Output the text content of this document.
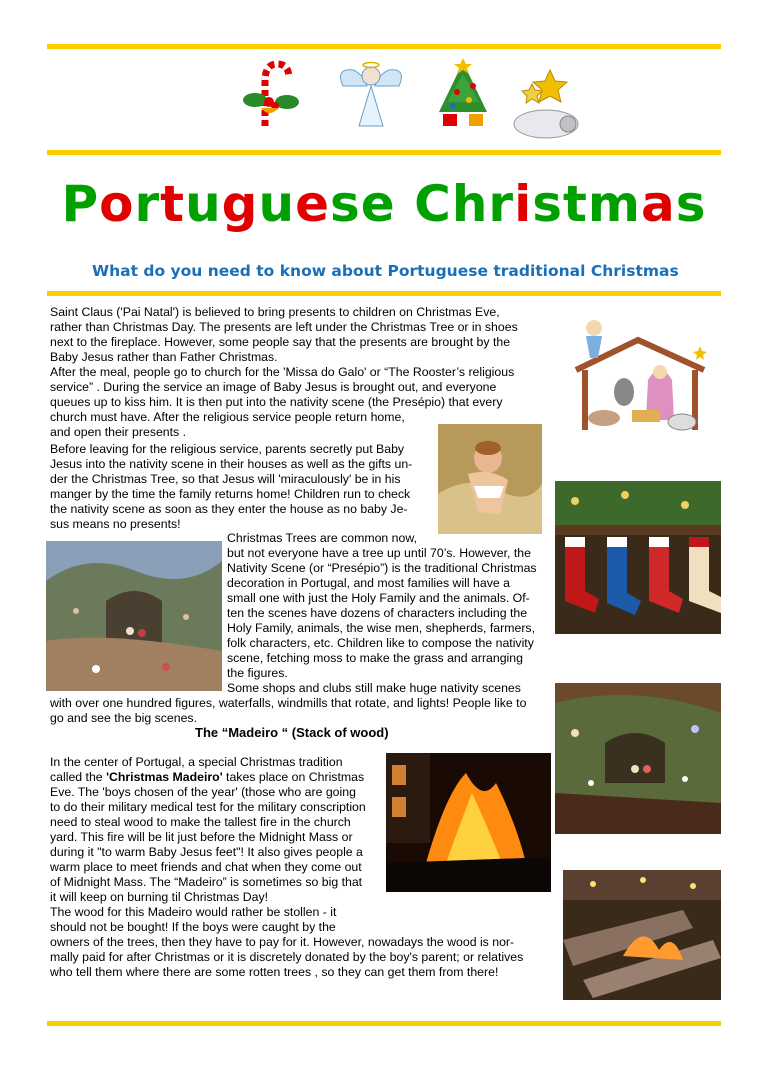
Portuguese Christmas
What do you need to know about Portuguese traditional Christmas
Saint Claus ('Pai Natal') is believed to bring presents to children on Christmas Eve,
rather than Christmas Day. The presents are left under the Christmas Tree or in shoes
next to the fireplace. However, some people say that the presents are brought by the
Baby Jesus rather than Father Christmas.
After the meal, people go to church for the 'Missa do Galo' or “The Rooster’s religious
service” . During the service an image of Baby Jesus is brought out, and everyone
queues up to kiss him. It is then put into the nativity scene (the Presépio) that every
church must have. After the religious service people return home,
and open their presents .
Before leaving for the religious service, parents secretly put Baby
Jesus into the nativity scene in their houses as well as the gifts un-
der the Christmas Tree, so that Jesus will 'miraculously' be in his
manger by the time the family returns home! Children run to check
the nativity scene as soon as they enter the house as no baby Je-
sus means no presents!
Christmas Trees are common now,
but not everyone have a tree up until 70’s. However, the
Nativity Scene (or “Presépio”) is the traditional Christmas
decoration in Portugal, and most families will have a
small one with just the Holy Family and the animals. Of-
ten the scenes have dozens of characters including the
Holy Family, animals, the wise men, shepherds, farmers,
folk characters, etc. Children like to compose the nativity
scene, fetching moss to make the grass and arranging
the figures.
Some shops and clubs still make huge nativity scenes
with over one hundred figures, waterfalls, windmills that rotate, and lights! People like to
go and see the big scenes.
The “Madeiro “ (Stack of wood)
In the center of Portugal, a special Christmas tradition
called the 'Christmas Madeiro' takes place on Christmas
Eve. The 'boys chosen of the year' (those who are going
to do their military medical test for the military conscription
need to steal wood to make the tallest fire in the church
yard. This fire will be lit just before the Midnight Mass or
during it "to warm Baby Jesus feet"! It also gives people a
warm place to meet friends and chat when they come out
of Midnight Mass. The “Madeiro” is sometimes so big that
it will keep on burning til Christmas Day!
The wood for this Madeiro would rather be stollen - it
should not be bought! If the boys were caught by the
owners of the trees, then they have to pay for it. However, nowadays the wood is nor-
mally paid for after Christmas or it is discretely donated by the boy's parent; or relatives
who tell them where there are some rotten trees , so they can get them from there!
